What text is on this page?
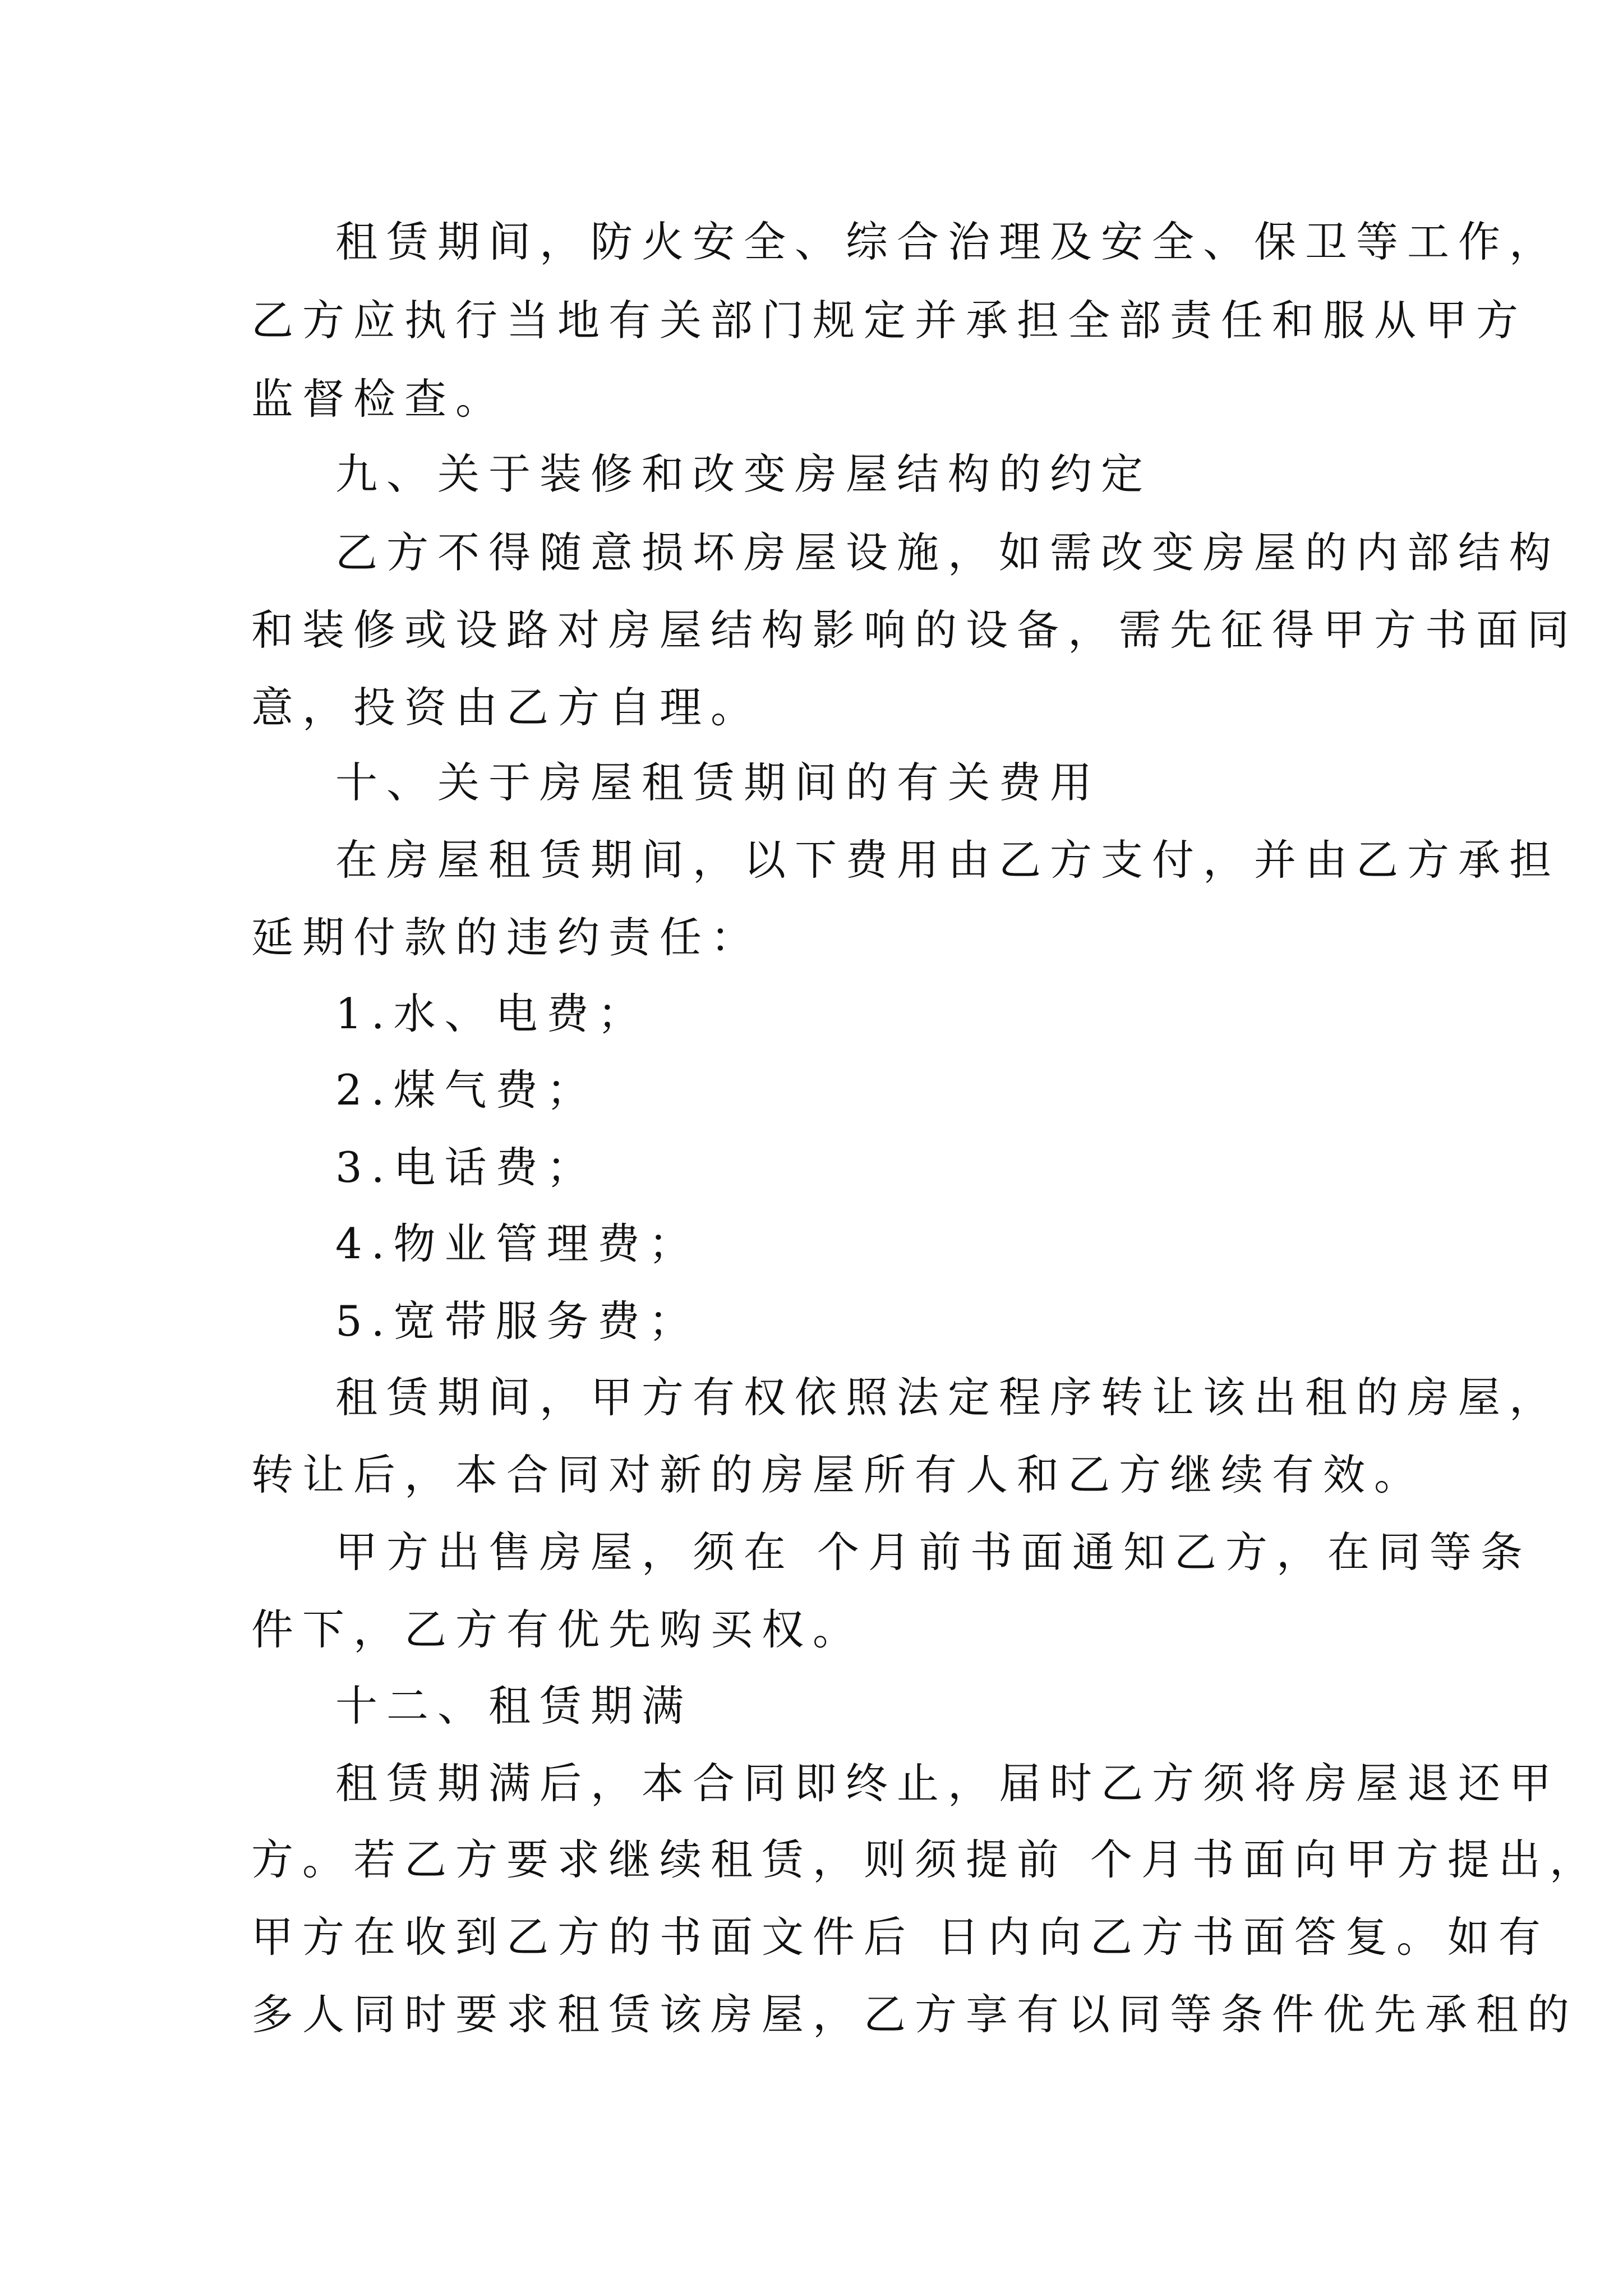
租赁期间，防火安全、综合治理及安全、保卫等工作，

乙方应执行当地有关部门规定并承担全部责任和服从甲方

监督检查。

九、关于装修和改变房屋结构的约定

乙方不得随意损坏房屋设施，如需改变房屋的内部结构

和装修或设路对房屋结构影响的设备，需先征得甲方书面同

意，投资由乙方自理。

十、关于房屋租赁期间的有关费用

在房屋租赁期间，以下费用由乙方支付，并由乙方承担

延期付款的违约责任：

1.水、电费；

2.煤气费；

3.电话费；

4.物业管理费；

5.宽带服务费；

租赁期间，甲方有权依照法定程序转让该出租的房屋，

转让后，本合同对新的房屋所有人和乙方继续有效。

甲方出售房屋，须在 个月前书面通知乙方，在同等条

件下，乙方有优先购买权。

十二、租赁期满

租赁期满后，本合同即终止，届时乙方须将房屋退还甲

方。若乙方要求继续租赁，则须提前 个月书面向甲方提出，

甲方在收到乙方的书面文件后 日内向乙方书面答复。如有

多人同时要求租赁该房屋，乙方享有以同等条件优先承租的
